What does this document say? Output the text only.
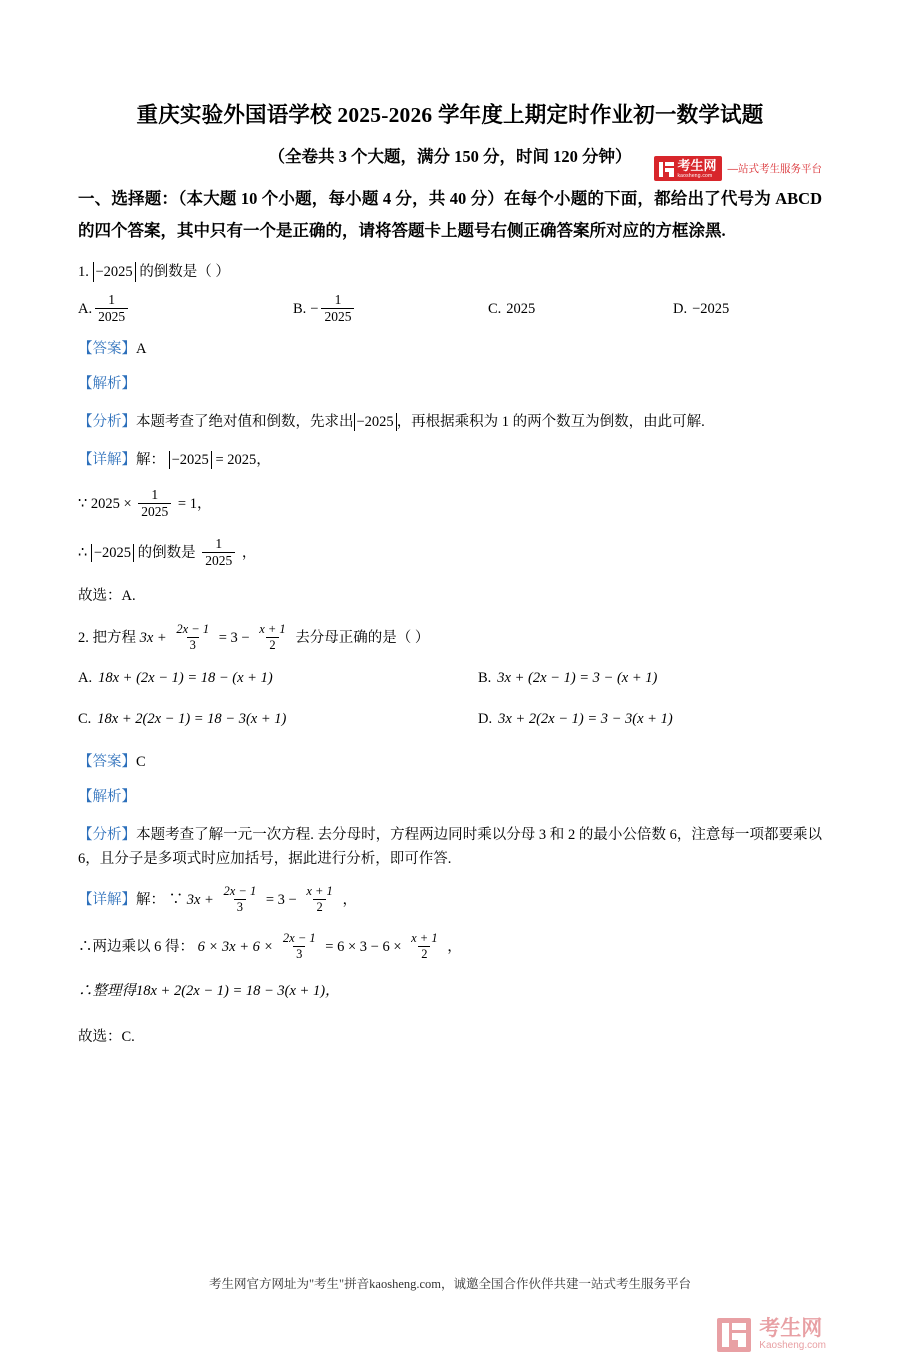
考生网
kaosheng.com
—站式考生服务平台
重庆实验外国语学校 2025-2026 学年度上期定时作业初一数学试题
（全卷共 3 个大题，满分 150 分，时间 120 分钟）
一、选择题：（本大题 10 个小题，每小题 4 分，共 40 分）在每个小题的下面，都给出了代号为 ABCD 的四个答案，其中只有一个是正确的，请将答题卡上题号右侧正确答案所对应的方框涂黑.
1. −2025 的倒数是（ ）
A. $\frac{1}{2025}$	B. − $\frac{1}{2025}$	C. 2025	D. −2025
【答案】A
【解析】
【分析】本题考查了绝对值和倒数，先求出 −2025 ，再根据乘积为 1 的两个数互为倒数，由此可解.
【详解】解： −2025 = 2025，
∵ $2025 \times \frac{1}{2025} = 1$，
∴ −2025 的倒数是 $\frac{1}{2025}$ ，
故选：A.
2. 把方程 $3x + \frac{2x - 1}{3} = 3 - \frac{x + 1}{2}$ 去分母正确的是（ ）
A. 18x + (2x − 1) = 18 − (x + 1)	B. 3x + (2x − 1) = 3 − (x + 1)
C. 18x + 2(2x − 1) = 18 − 3(x + 1)	D. 3x + 2(2x − 1) = 3 − 3(x + 1)
【答案】C
【解析】
【分析】本题考查了解一元一次方程. 去分母时，方程两边同时乘以分母 3 和 2 的最小公倍数 6，注意每一项都要乘以 6，且分子是多项式时应加括号，据此进行分析，即可作答.
【详解】解： ∵ $3x + \frac{2x - 1}{3} = 3 - \frac{x + 1}{2}$ ，
∴两边乘以 6 得： $6 \times 3x + 6 \times \frac{2x - 1}{3} = 6 \times 3 - 6 \times \frac{x + 1}{2}$ ，
∴整理得18x + 2(2x − 1) = 18 − 3(x + 1)，
故选：C.
考生网官方网址为"考生"拼音kaosheng.com，诚邀全国合作伙伴共建一站式考生服务平台
考生网
Kaosheng.com
